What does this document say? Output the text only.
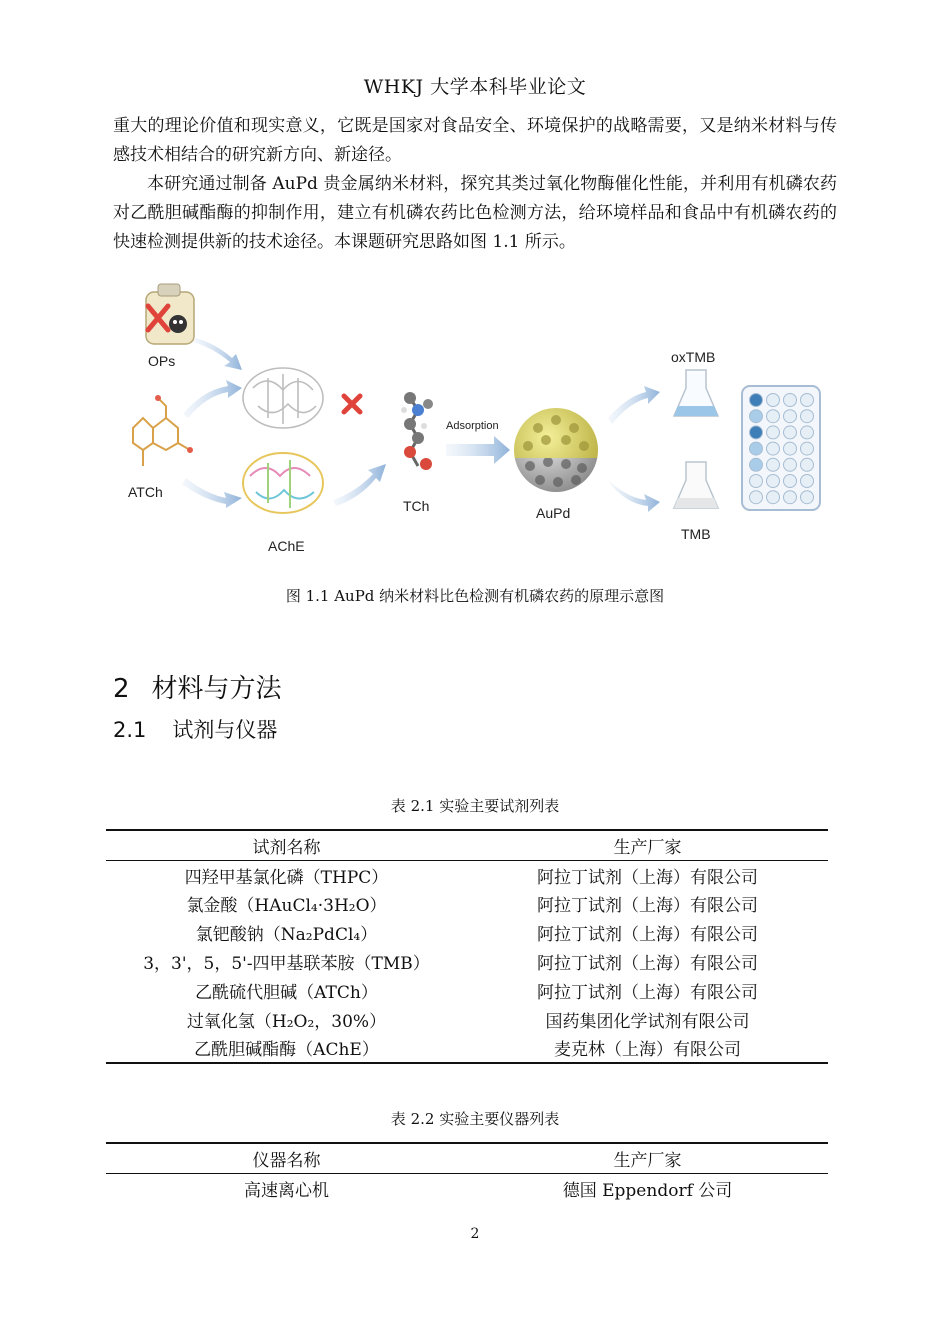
WHKJ 大学本科毕业论文

重大的理论价值和现实意义，它既是国家对食品安全、环境保护的战略需要，又是纳米材料与传感技术相结合的研究新方向、新途径。

本研究通过制备 AuPd 贵金属纳米材料，探究其类过氧化物酶催化性能，并利用有机磷农药对乙酰胆碱酯酶的抑制作用，建立有机磷农药比色检测方法，给环境样品和食品中有机磷农药的快速检测提供新的技术途径。本课题研究思路如图 1.1 所示。

OPs
ATCh
AChE
TCh
Adsorption
AuPd
oxTMB
TMB
图 1.1 AuPd 纳米材料比色检测有机磷农药的原理示意图
2 材料与方法
2.1 试剂与仪器
表 2.1 实验主要试剂列表
试剂名称	生产厂家
四羟甲基氯化磷（THPC）	阿拉丁试剂（上海）有限公司
氯金酸（HAuCl₄·3H₂O）	阿拉丁试剂（上海）有限公司
氯钯酸钠（Na₂PdCl₄）	阿拉丁试剂（上海）有限公司
3，3'，5，5'-四甲基联苯胺（TMB）	阿拉丁试剂（上海）有限公司
乙酰硫代胆碱（ATCh）	阿拉丁试剂（上海）有限公司
过氧化氢（H₂O₂，30%）	国药集团化学试剂有限公司
乙酰胆碱酯酶（AChE）	麦克林（上海）有限公司
表 2.2 实验主要仪器列表
仪器名称	生产厂家
高速离心机	德国 Eppendorf 公司
2
